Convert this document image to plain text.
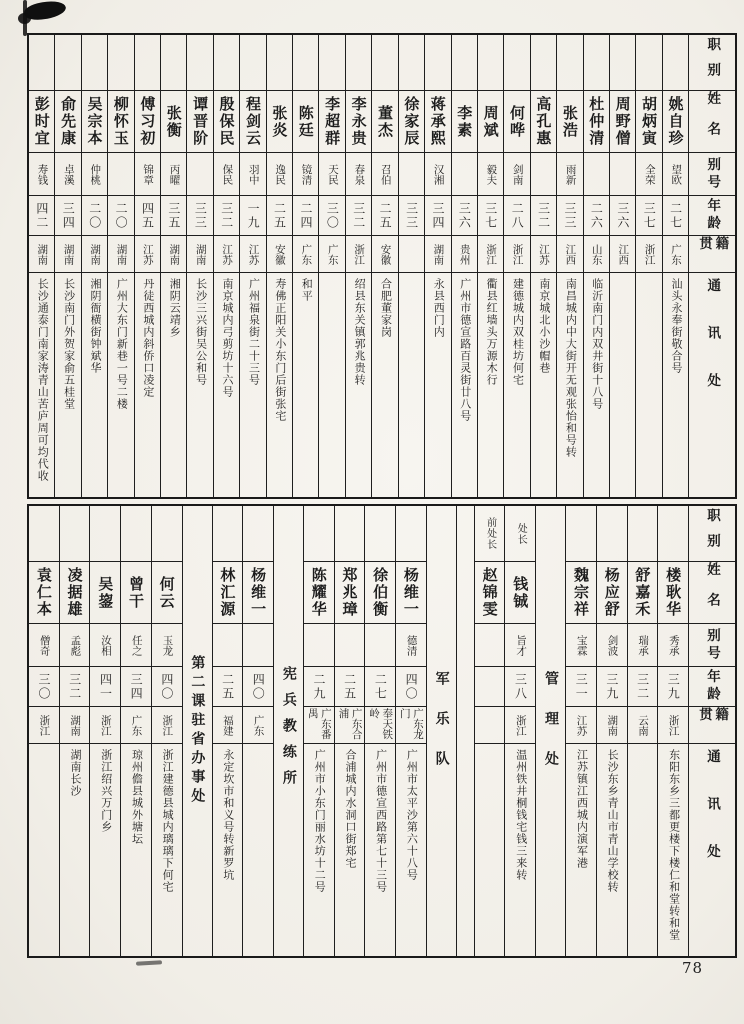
彭时宜
寿钱
四二
湖南
长沙通泰门南家涛青山苦庐周可均代收
俞先康
卓溪
三四
湖南
长沙南门外贺家俞五桂堂
吴宗本
仲桃
二〇
湖南
湘阴衙横街钟斌华
柳怀玉
二〇
湖南
广州大东门新巷一号二楼
傅习初
锦章
四五
江苏
丹徒西城内斜侨口凌定
张衡
丙曜
三五
湖南
湘阴云靖乡
谭晋阶
三三
湖南
长沙三兴街吴公和号
殷保民
保民
三二
江苏
南京城内弓剪坊十六号
程剑云
羽中
一九
江苏
广州福泉街二十三号
张炎
逸民
二五
安徽
寿佛正阳关小东门后街张宅
陈廷
镜清
二四
广东
和平
李超群
天民
三〇
广东
李永贵
春泉
三二
浙江
绍县东关镇郭兆贵转
董杰
召伯
二五
安徽
合肥董家岗
徐家辰
三三
蒋承熙
汉湘
三四
湖南
永县西门内
李素
三六
贵州
广州市德宣路百灵街廿八号
周斌
毅夫
三七
浙江
衢县红墙头万源木行
何哗
剑南
二八
浙江
建德城内双桂坊何宅
高孔惠
三二
江苏
南京城北小沙帽巷
张浩
雨新
三三
江西
南昌城内中大街开无观张怡和号转
杜仲清
二六
山东
临沂南门内双井街十八号
周野僧
三六
江西
胡炳寅
全荣
三七
浙江
姚自珍
望欧
二七
广东
汕头永奉街敬合号
职别
姓名
别号
年龄
籍贯
通讯处
袁仁本
僧奇
三〇
浙江
凌据雄
孟彪
三二
湖南
湖南长沙
吴鋆
汝相
四一
浙江
浙江绍兴万门乡
曾干
任之
三四
广东
琼州儋县城外塘坛
何云
玉龙
四〇
浙江
浙江建德县城内璃璃下何宅
第二课驻省办事处
林汇源
二五
福建
永定坎市和义号转新罗坑
杨维一
四〇
广东 宪兵教练所
陈耀华
二九
广东番禺
广州市小东门丽水坊十二号
郑兆璋
二五
广东合浦
合浦城内水洞口街郑宅
徐伯衡
二七
奉天铁岭
广州市德宣西路第七十三号
杨维一
德清
四〇
广东龙门
广州市太平沙第六十八号
军乐队
前处长
赵锦雯
处长
钱铖
旨才
三八
浙江
温州铁井桐钱宅钱三来转
管理处
魏宗祥
宝霖
三一
江苏
江苏镇江西城内演军港
杨应舒
剑波
三九
湖南
长沙东乡青山市青山学校转
舒嘉禾
瑞承
三二
云南
楼耿华
秀承
三九
浙江
东阳东乡三都更楼下楼仁和堂转和堂
职别
姓名
别号
年龄
籍贯
通讯处
78
